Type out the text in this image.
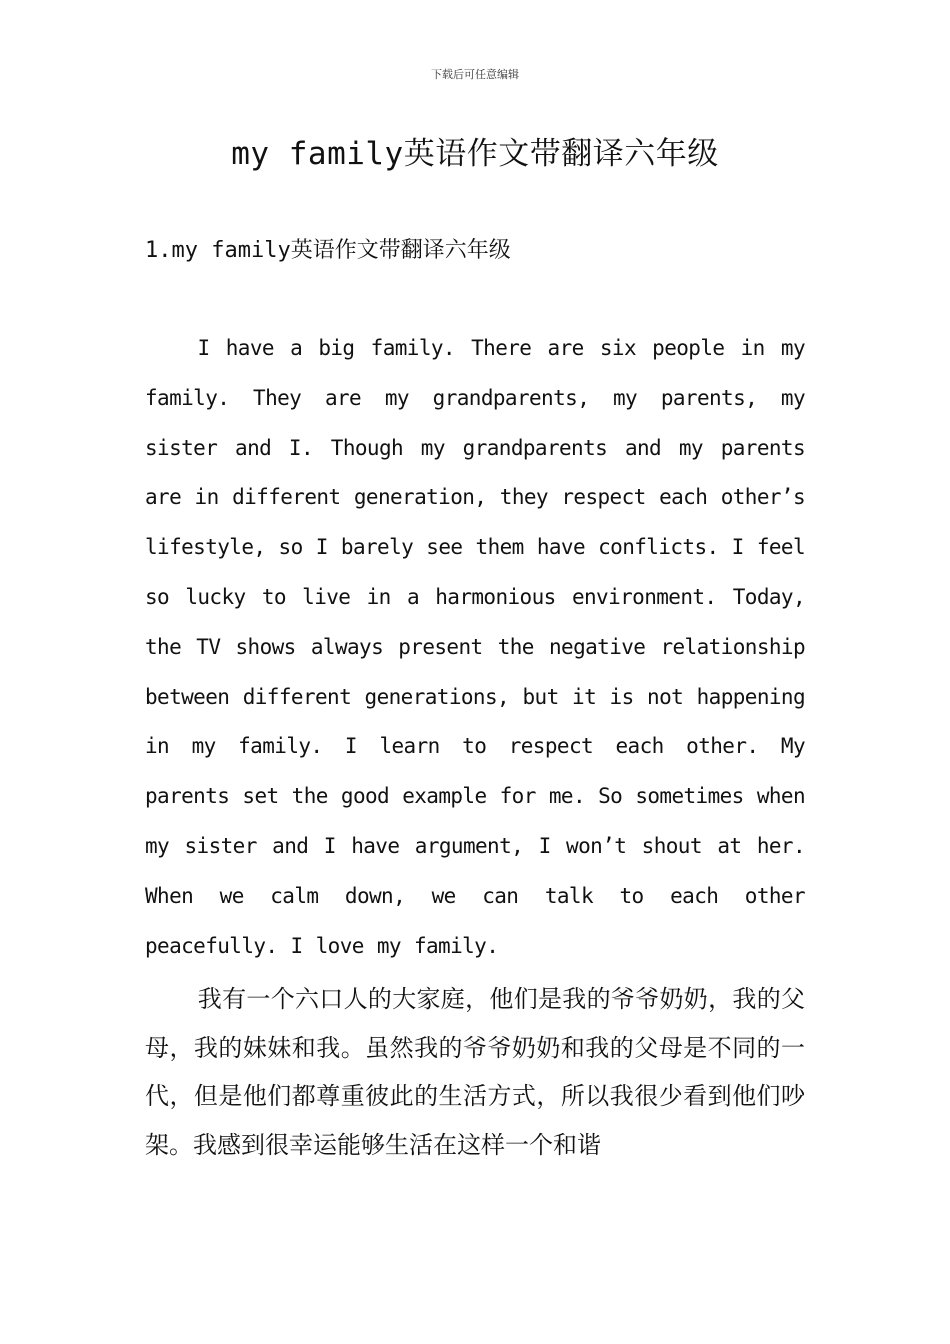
下载后可任意编辑
my family英语作文带翻译六年级
1.my family英语作文带翻译六年级

I have a big family. There are six people in my family. They are my grandparents, my parents, my sister and I. Though my grandparents and my parents are in different generation, they respect each other’s lifestyle, so I barely see them have conflicts. I feel so lucky to live in a harmonious environment. Today, the TV shows always present the negative relationship between different generations, but it is not happening in my family. I learn to respect each other. My parents set the good example for me. So sometimes when my sister and I have argument, I won’t shout at her. When we calm down, we can talk to each other peacefully. I love my family.

我有一个六口人的大家庭，他们是我的爷爷奶奶，我的父母，我的妹妹和我。虽然我的爷爷奶奶和我的父母是不同的一代，但是他们都尊重彼此的生活方式，所以我很少看到他们吵架。我感到很幸运能够生活在这样一个和谐
